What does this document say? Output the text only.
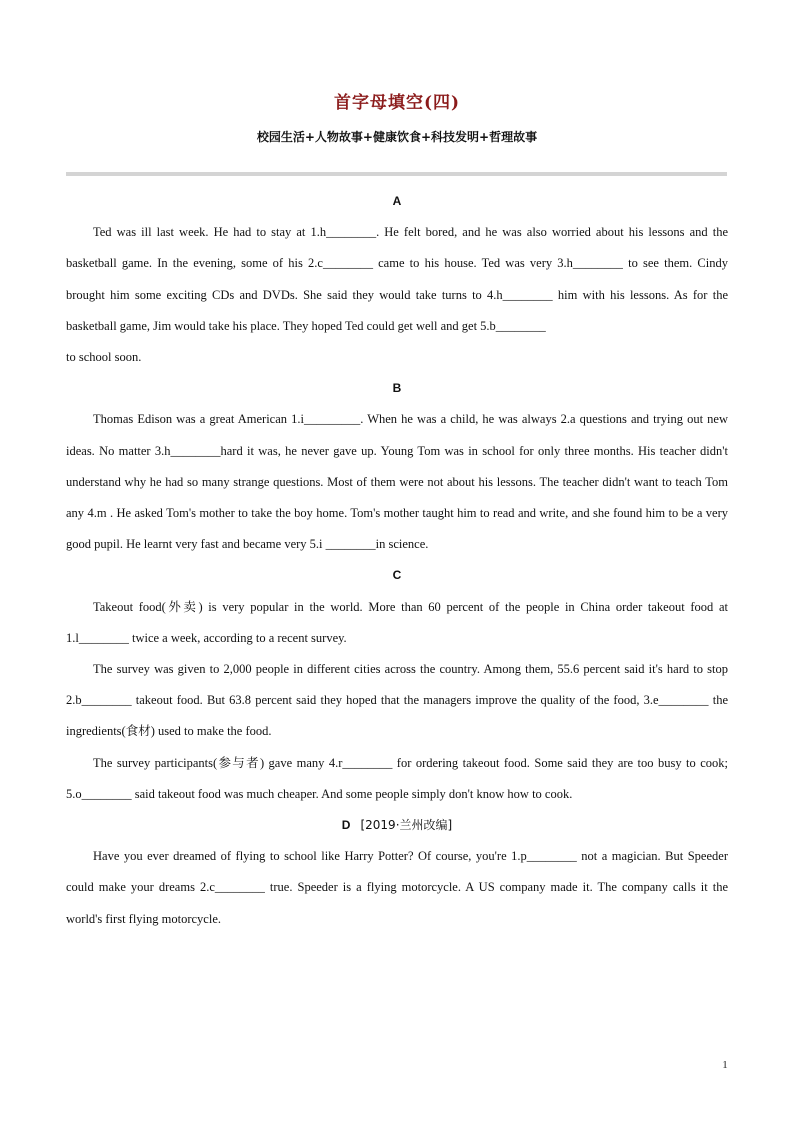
首字母填空(四)
校园生活+人物故事+健康饮食+科技发明+哲理故事
A

Ted was ill last week. He had to stay at 1.h________. He felt bored, and he was also worried about his lessons and the basketball game. In the evening, some of his 2.c________ came to his house. Ted was very 3.h________ to see them. Cindy brought him some exciting CDs and DVDs. She said they would take turns to 4.h________ him with his lessons. As for the basketball game, Jim would take his place. They hoped Ted could get well and get 5.b________

to school soon.

B

Thomas Edison was a great American 1.i_________. When he was a child, he was always 2.a questions and trying out new ideas. No matter 3.h________hard it was, he never gave up. Young Tom was in school for only three months. His teacher didn't understand why he had so many strange questions. Most of them were not about his lessons. The teacher didn't want to teach Tom any 4.m . He asked Tom's mother to take the boy home. Tom's mother taught him to read and write, and she found him to be a very good pupil. He learnt very fast and became very 5.i ________in science.

C

Takeout food(外卖) is very popular in the world. More than 60 percent of the people in China order takeout food at 1.l________ twice a week, according to a recent survey.

The survey was given to 2,000 people in different cities across the country. Among them, 55.6 percent said it's hard to stop 2.b________ takeout food. But 63.8 percent said they hoped that the managers improve the quality of the food, 3.e________ the ingredients(食材) used to make the food.

The survey participants(参与者) gave many 4.r________ for ordering takeout food. Some said they are too busy to cook; 5.o________ said takeout food was much cheaper. And some people simply don't know how to cook.

D [2019·兰州改编]

Have you ever dreamed of flying to school like Harry Potter? Of course, you're 1.p________ not a magician. But Speeder could make your dreams 2.c________ true. Speeder is a flying motorcycle. A US company made it. The company calls it the world's first flying motorcycle.

1
